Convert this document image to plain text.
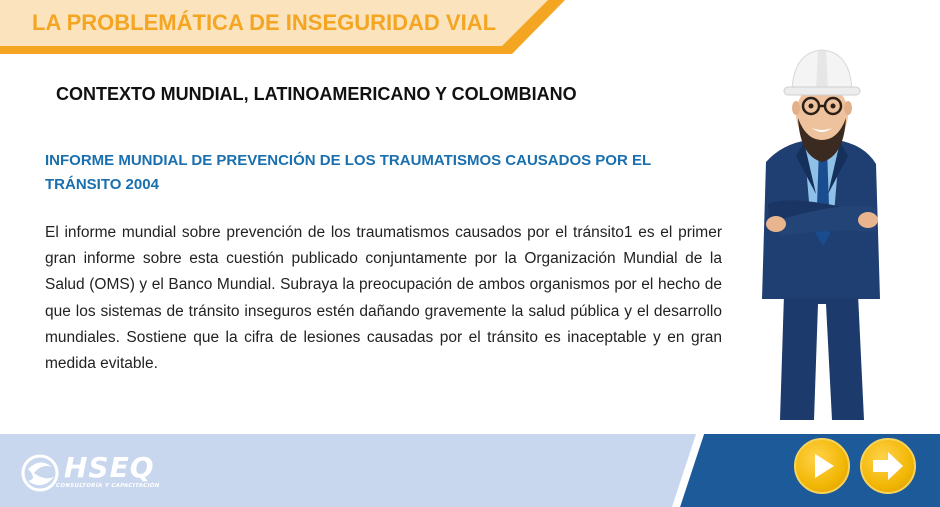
LA PROBLEMÁTICA DE INSEGURIDAD VIAL
CONTEXTO MUNDIAL, LATINOAMERICANO Y COLOMBIANO
INFORME MUNDIAL DE PREVENCIÓN DE LOS TRAUMATISMOS CAUSADOS POR EL TRÁNSITO 2004
El informe mundial sobre prevención de los traumatismos causados por el tránsito1 es el primer gran informe sobre esta cuestión publicado conjuntamente por la Organización Mundial de la Salud (OMS) y el Banco Mundial. Subraya la preocupación de ambos organismos por el hecho de que los sistemas de tránsito inseguros estén dañando gravemente la salud pública y el desarrollo mundiales. Sostiene que la cifra de lesiones causadas por el tránsito es inaceptable y en gran medida evitable.
HSEQ
CONSULTORÍA Y CAPACITACIÓN
